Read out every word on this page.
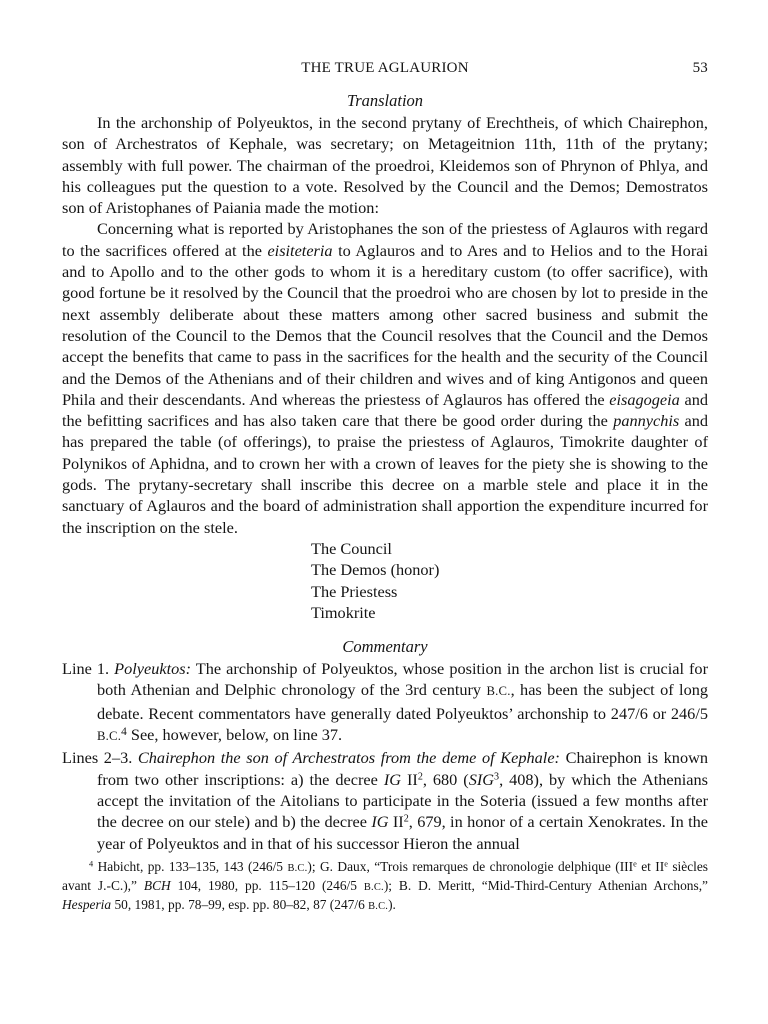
THE TRUE AGLAURION	53
Translation

In the archonship of Polyeuktos, in the second prytany of Erechtheis, of which Chairephon, son of Archestratos of Kephale, was secretary; on Metageitnion 11th, 11th of the prytany; assembly with full power. The chairman of the proedroi, Kleidemos son of Phrynon of Phlya, and his colleagues put the question to a vote. Resolved by the Council and the Demos; Demostratos son of Aristophanes of Paiania made the motion:

Concerning what is reported by Aristophanes the son of the priestess of Aglauros with regard to the sacrifices offered at the eisiteteria to Aglauros and to Ares and to Helios and to the Horai and to Apollo and to the other gods to whom it is a hereditary custom (to offer sacrifice), with good fortune be it resolved by the Council that the proedroi who are chosen by lot to preside in the next assembly deliberate about these matters among other sacred business and submit the resolution of the Council to the Demos that the Council resolves that the Council and the Demos accept the benefits that came to pass in the sacrifices for the health and the security of the Council and the Demos of the Athenians and of their children and wives and of king Antigonos and queen Phila and their descendants. And whereas the priestess of Aglauros has offered the eisagogeia and the befitting sacrifices and has also taken care that there be good order during the pannychis and has prepared the table (of offerings), to praise the priestess of Aglauros, Timokrite daughter of Polynikos of Aphidna, and to crown her with a crown of leaves for the piety she is showing to the gods. The prytany-secretary shall inscribe this decree on a marble stele and place it in the sanctuary of Aglauros and the board of administration shall apportion the expenditure incurred for the inscription on the stele.

The Council
The Demos (honor)
The Priestess
Timokrite
Commentary

Line 1. Polyeuktos: The archonship of Polyeuktos, whose position in the archon list is crucial for both Athenian and Delphic chronology of the 3rd century B.C., has been the subject of long debate. Recent commentators have generally dated Polyeuktos’ archonship to 247/6 or 246/5 B.C.$^4$ See, however, below, on line 37.

Lines 2–3. Chairephon the son of Archestratos from the deme of Kephale: Chairephon is known from two other inscriptions: a) the decree IG $II^2$, 680 (SIG$^3$, 408), by which the Athenians accept the invitation of the Aitolians to participate in the Soteria (issued a few months after the decree on our stele) and b) the decree IG $II^2$, 679, in honor of a certain Xenokrates. In the year of Polyeuktos and in that of his successor Hieron the annual

$^4$ Habicht, pp. 133–135, 143 (246/5 B.C.); G. Daux, “Trois remarques de chronologie delphique (IIIe et IIe siècles avant J.-C.),” BCH 104, 1980, pp. 115–120 (246/5 B.C.); B. D. Meritt, “Mid-Third-Century Athenian Archons,” Hesperia 50, 1981, pp. 78–99, esp. pp. 80–82, 87 (247/6 B.C.).
